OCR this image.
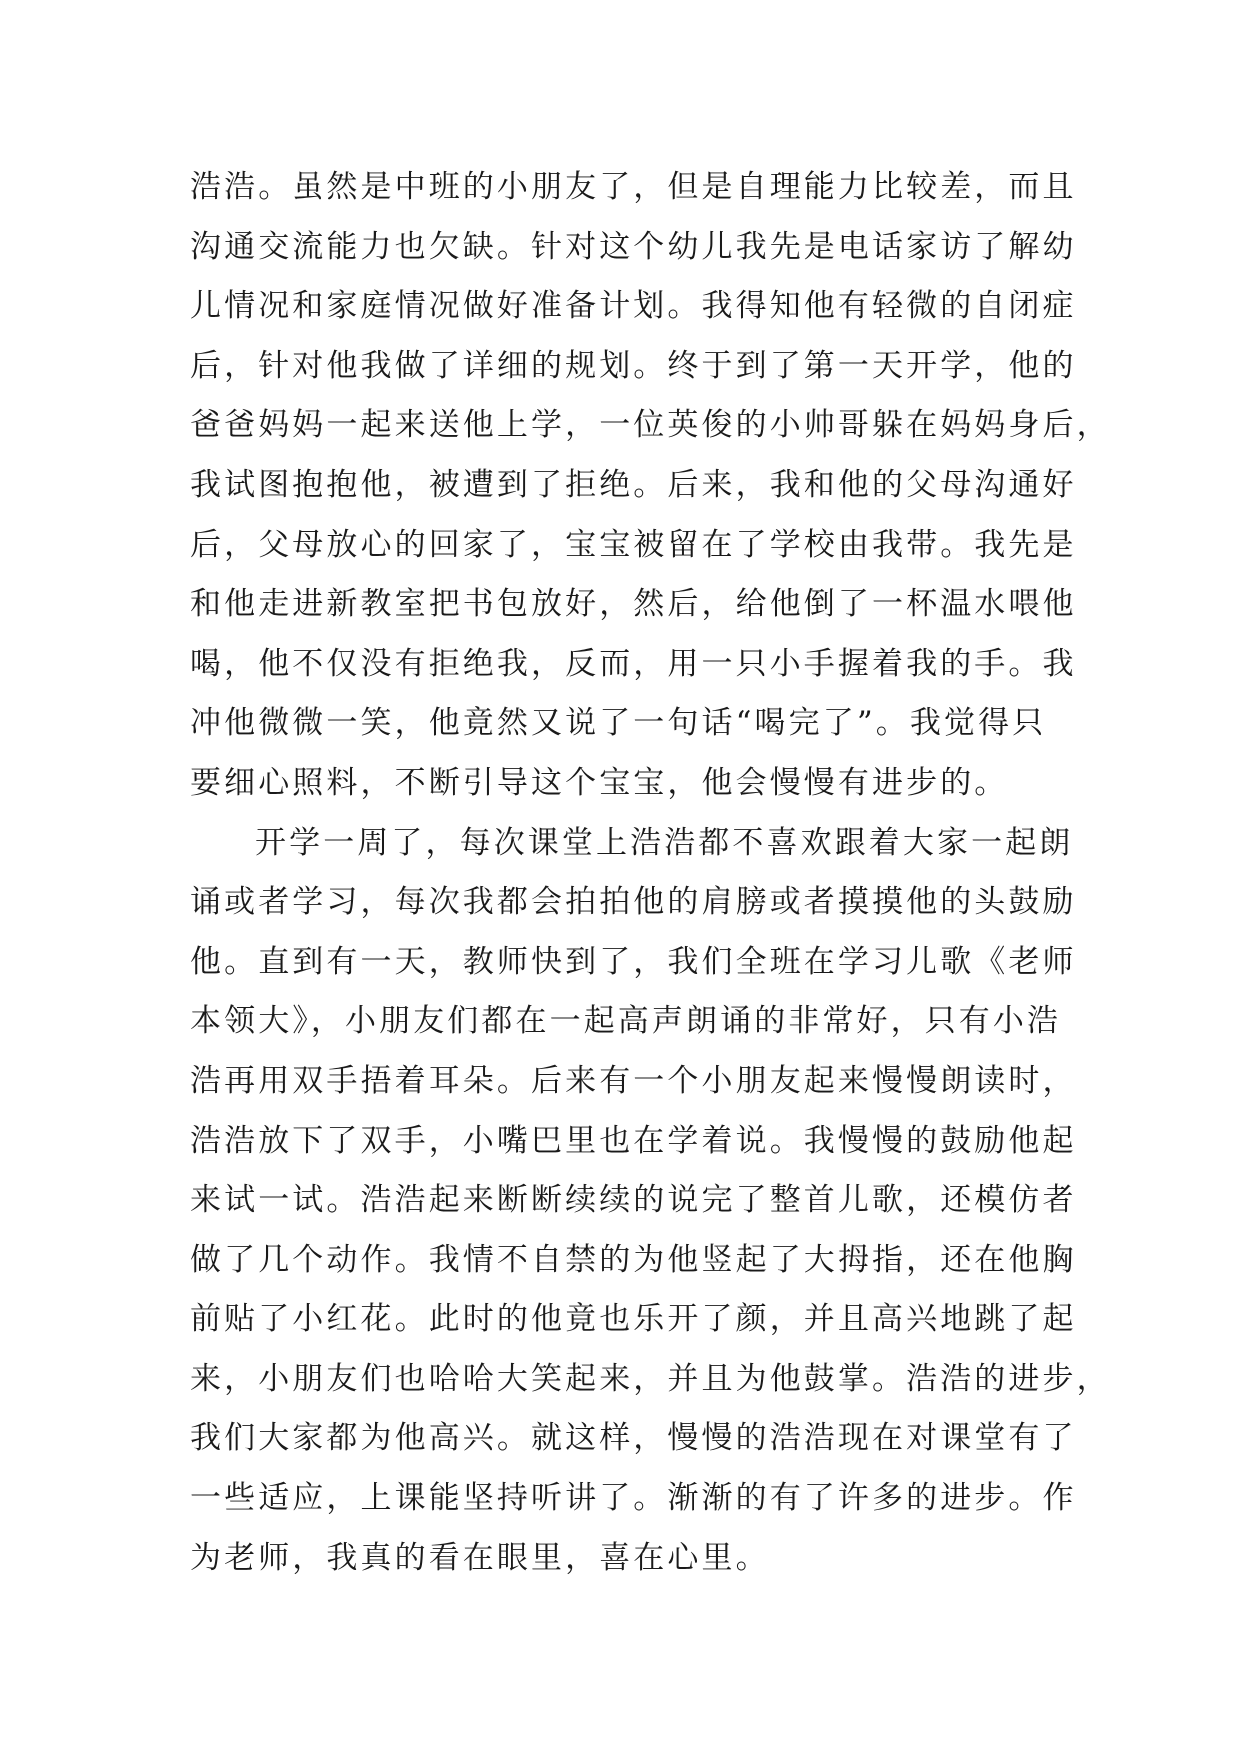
浩浩。虽然是中班的小朋友了，但是自理能力比较差，而且
沟通交流能力也欠缺。针对这个幼儿我先是电话家访了解幼
儿情况和家庭情况做好准备计划。我得知他有轻微的自闭症
后，针对他我做了详细的规划。终于到了第一天开学，他的
爸爸妈妈一起来送他上学，一位英俊的小帅哥躲在妈妈身后，
我试图抱抱他，被遭到了拒绝。后来，我和他的父母沟通好
后，父母放心的回家了，宝宝被留在了学校由我带。我先是
和他走进新教室把书包放好，然后，给他倒了一杯温水喂他
喝，他不仅没有拒绝我，反而，用一只小手握着我的手。我
冲他微微一笑，他竟然又说了一句话“喝完了”。我觉得只
要细心照料，不断引导这个宝宝，他会慢慢有进步的。
开学一周了，每次课堂上浩浩都不喜欢跟着大家一起朗
诵或者学习，每次我都会拍拍他的肩膀或者摸摸他的头鼓励
他。直到有一天，教师快到了，我们全班在学习儿歌《老师
本领大》，小朋友们都在一起高声朗诵的非常好，只有小浩
浩再用双手捂着耳朵。后来有一个小朋友起来慢慢朗读时，
浩浩放下了双手，小嘴巴里也在学着说。我慢慢的鼓励他起
来试一试。浩浩起来断断续续的说完了整首儿歌，还模仿者
做了几个动作。我情不自禁的为他竖起了大拇指，还在他胸
前贴了小红花。此时的他竟也乐开了颜，并且高兴地跳了起
来，小朋友们也哈哈大笑起来，并且为他鼓掌。浩浩的进步，
我们大家都为他高兴。就这样，慢慢的浩浩现在对课堂有了
一些适应，上课能坚持听讲了。渐渐的有了许多的进步。作
为老师，我真的看在眼里，喜在心里。
